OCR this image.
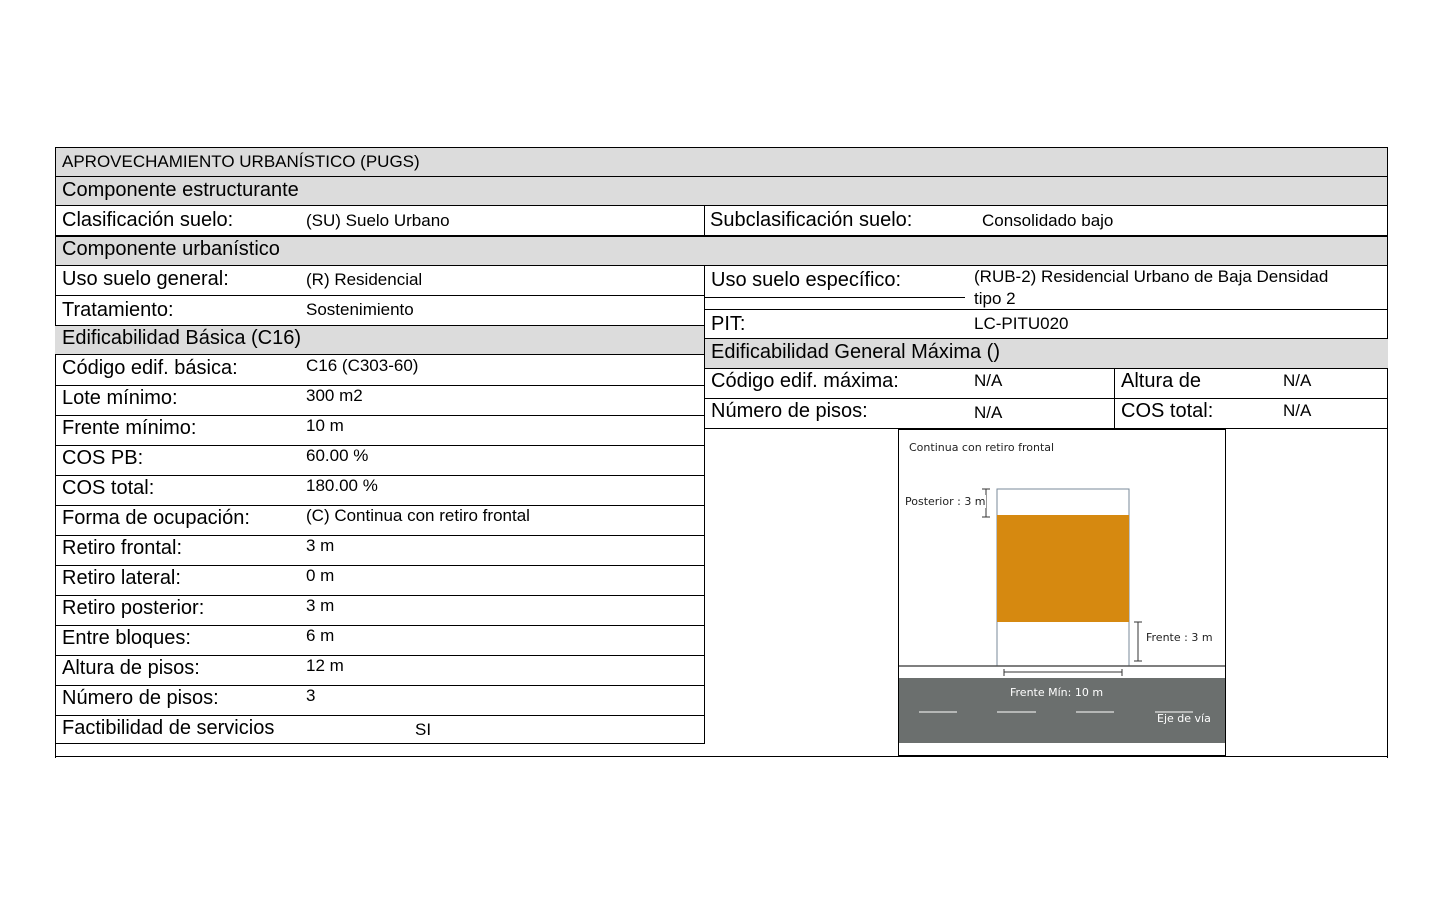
APROVECHAMIENTO URBANÍSTICO (PUGS)
Componente estructurante
Clasificación suelo:	(SU) Suelo Urbano	Subclasificación suelo:	Consolidado bajo
Componente urbanístico
Uso suelo general:	(R) Residencial
Tratamiento:	Sostenimiento
Edificabilidad Básica (C16)
Código edif. básica:	C16 (C303-60)
Lote mínimo:	300 m2
Frente mínimo:	10 m
COS PB:	60.00 %
COS total:	180.00 %
Forma de ocupación:	(C) Continua con retiro frontal
Retiro frontal:	3 m
Retiro lateral:	0 m
Retiro posterior:	3 m
Entre bloques:	6 m
Altura de pisos:	12 m
Número de pisos:	3
Factibilidad de servicios	SI
Uso suelo específico:	(RUB-2) Residencial Urbano de Baja Densidad
tipo 2
PIT:	LC-PITU020
Edificabilidad General Máxima ()
Código edif. máxima:	N/A	Altura de	N/A
Número de pisos:	N/A	COS total:	N/A
Continua con retiro frontal
Posterior : 3 m
Frente : 3 m
Frente Mín: 10 m
Eje de vía
